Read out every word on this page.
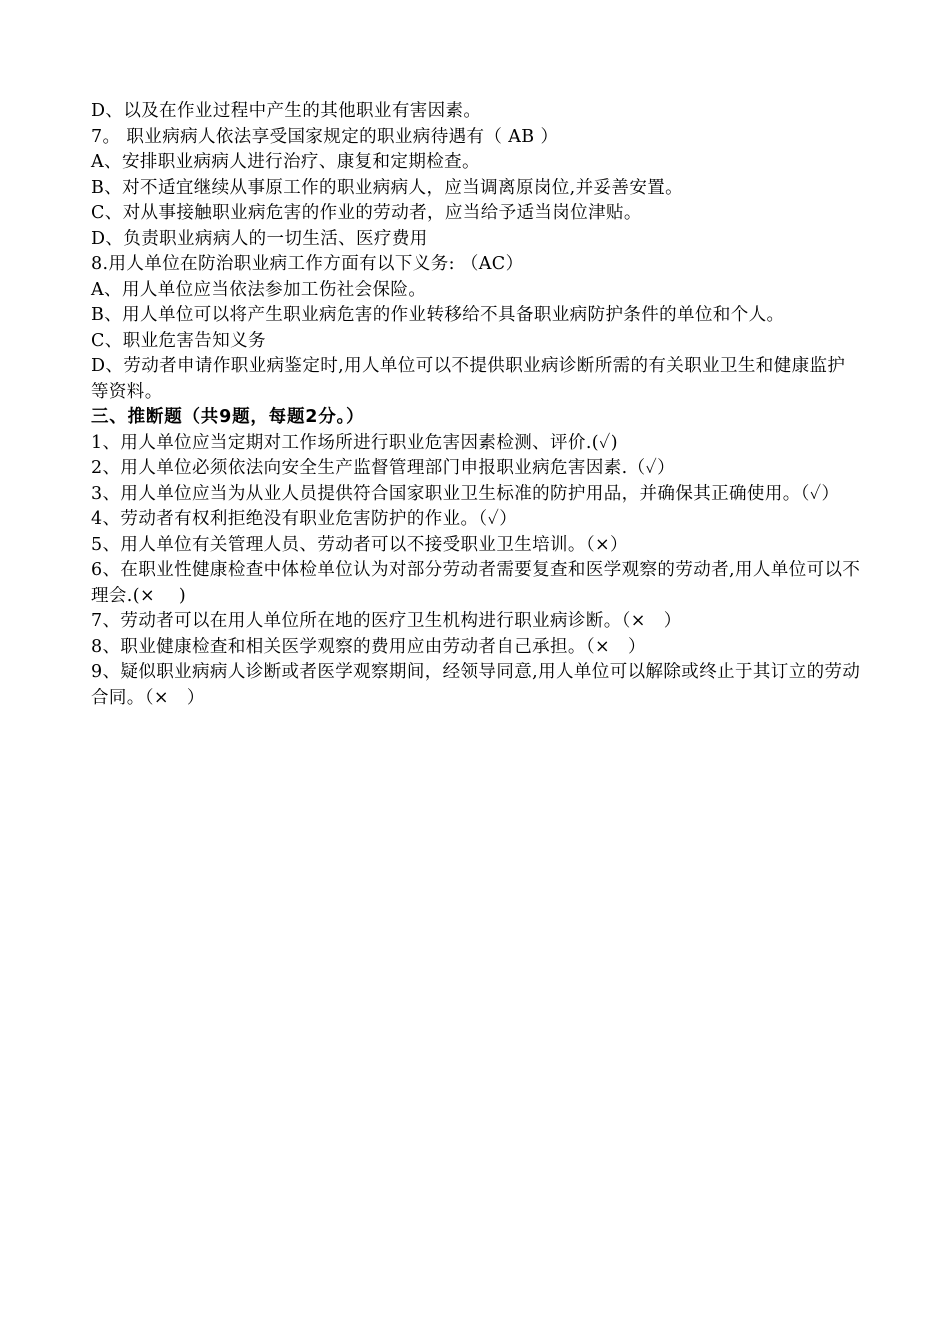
D、以及在作业过程中产生的其他职业有害因素。

7。 职业病病人依法享受国家规定的职业病待遇有（ AB ）

A、安排职业病病人进行治疗、康复和定期检查。

B、对不适宜继续从事原工作的职业病病人，应当调离原岗位,并妥善安置。

C、对从事接触职业病危害的作业的劳动者，应当给予适当岗位津贴。

D、负责职业病病人的一切生活、医疗费用

8.用人单位在防治职业病工作方面有以下义务: （AC）

A、用人单位应当依法参加工伤社会保险。

B、用人单位可以将产生职业病危害的作业转移给不具备职业病防护条件的单位和个人。

C、职业危害告知义务

D、劳动者申请作职业病鉴定时,用人单位可以不提供职业病诊断所需的有关职业卫生和健康监护等资料。

三、推断题（共9题，每题2分。）

1、用人单位应当定期对工作场所进行职业危害因素检测、评价.(✓)

2、用人单位必须依法向安全生产监督管理部门申报职业病危害因素.（✓）

3、用人单位应当为从业人员提供符合国家职业卫生标准的防护用品，并确保其正确使用。（✓）

4、劳动者有权利拒绝没有职业危害防护的作业。（✓）

5、用人单位有关管理人员、劳动者可以不接受职业卫生培训。（×）

6、在职业性健康检查中体检单位认为对部分劳动者需要复查和医学观察的劳动者,用人单位可以不理会.(×　 )

7、劳动者可以在用人单位所在地的医疗卫生机构进行职业病诊断。（×　）

8、职业健康检查和相关医学观察的费用应由劳动者自己承担。（×　）

9、疑似职业病病人诊断或者医学观察期间，经领导同意,用人单位可以解除或终止于其订立的劳动合同。（×　）
